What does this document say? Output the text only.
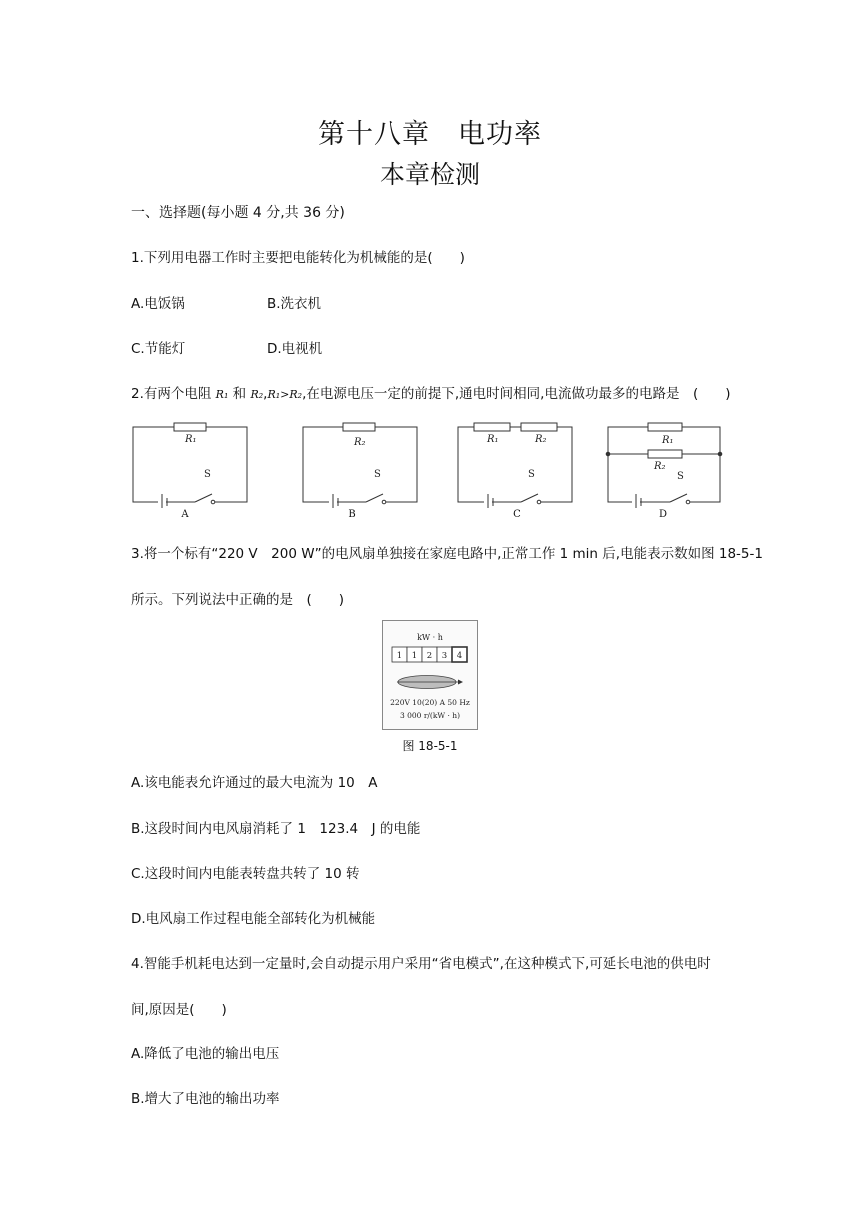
第十八章　电功率
本章检测
一、选择题(每小题 4 分,共 36 分)
1.下列用电器工作时主要把电能转化为机械能的是(　　)
A.电饭锅	B.洗衣机
C.节能灯	D.电视机
2.有两个电阻 R₁ 和 R₂,R₁>R₂,在电源电压一定的前提下,通电时间相同,电流做功最多的电路是　(　　)
R₁	R₂	R₁	R₂	R₁
R₂
S	S	S	S
A	B	C	D
3.将一个标有“220 V　200 W”的电风扇单独接在家庭电路中,正常工作 1 min 后,电能表示数如图 18-5-1
所示。下列说法中正确的是　(　　)
kW · h
1 1 2 3 4
220V 10(20) A 50 Hz
3 000 r/(kW · h)
图 18-5-1
A.该电能表允许通过的最大电流为 10　A
B.这段时间内电风扇消耗了 1　123.4　J 的电能
C.这段时间内电能表转盘共转了 10 转
D.电风扇工作过程电能全部转化为机械能
4.智能手机耗电达到一定量时,会自动提示用户采用“省电模式”,在这种模式下,可延长电池的供电时
间,原因是(　　)
A.降低了电池的输出电压
B.增大了电池的输出功率
